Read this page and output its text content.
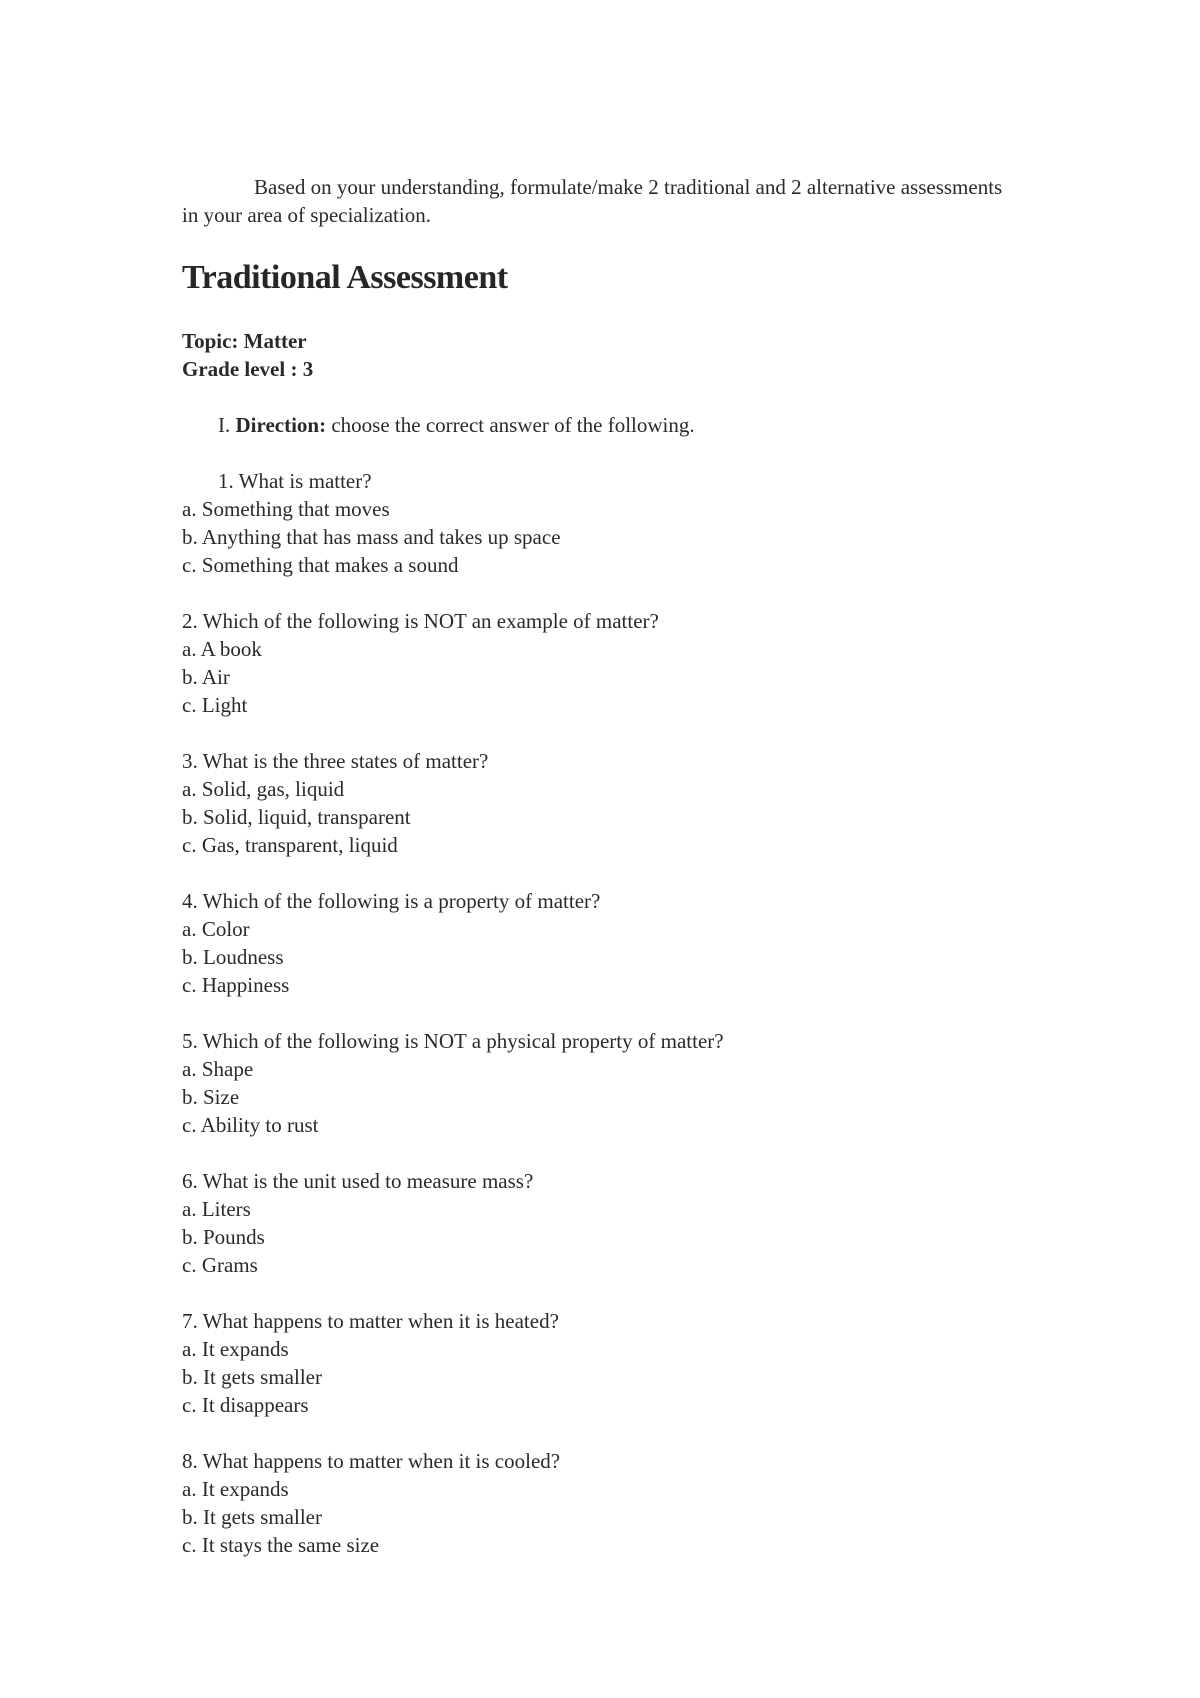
Based on your understanding, formulate/make 2 traditional and 2 alternative assessments in your area of specialization.

Traditional Assessment
Topic: Matter
Grade level : 3

I. Direction: choose the correct answer of the following.

1. What is matter?

a. Something that moves

b. Anything that has mass and takes up space

c. Something that makes a sound

2. Which of the following is NOT an example of matter?

a. A book

b. Air

c. Light

3. What is the three states of matter?

a. Solid, gas, liquid

b. Solid, liquid, transparent

c. Gas, transparent, liquid

4. Which of the following is a property of matter?

a. Color

b. Loudness

c. Happiness

5. Which of the following is NOT a physical property of matter?

a. Shape

b. Size

c. Ability to rust

6. What is the unit used to measure mass?

a. Liters

b. Pounds

c. Grams

7. What happens to matter when it is heated?

a. It expands

b. It gets smaller

c. It disappears

8. What happens to matter when it is cooled?

a. It expands

b. It gets smaller

c. It stays the same size
